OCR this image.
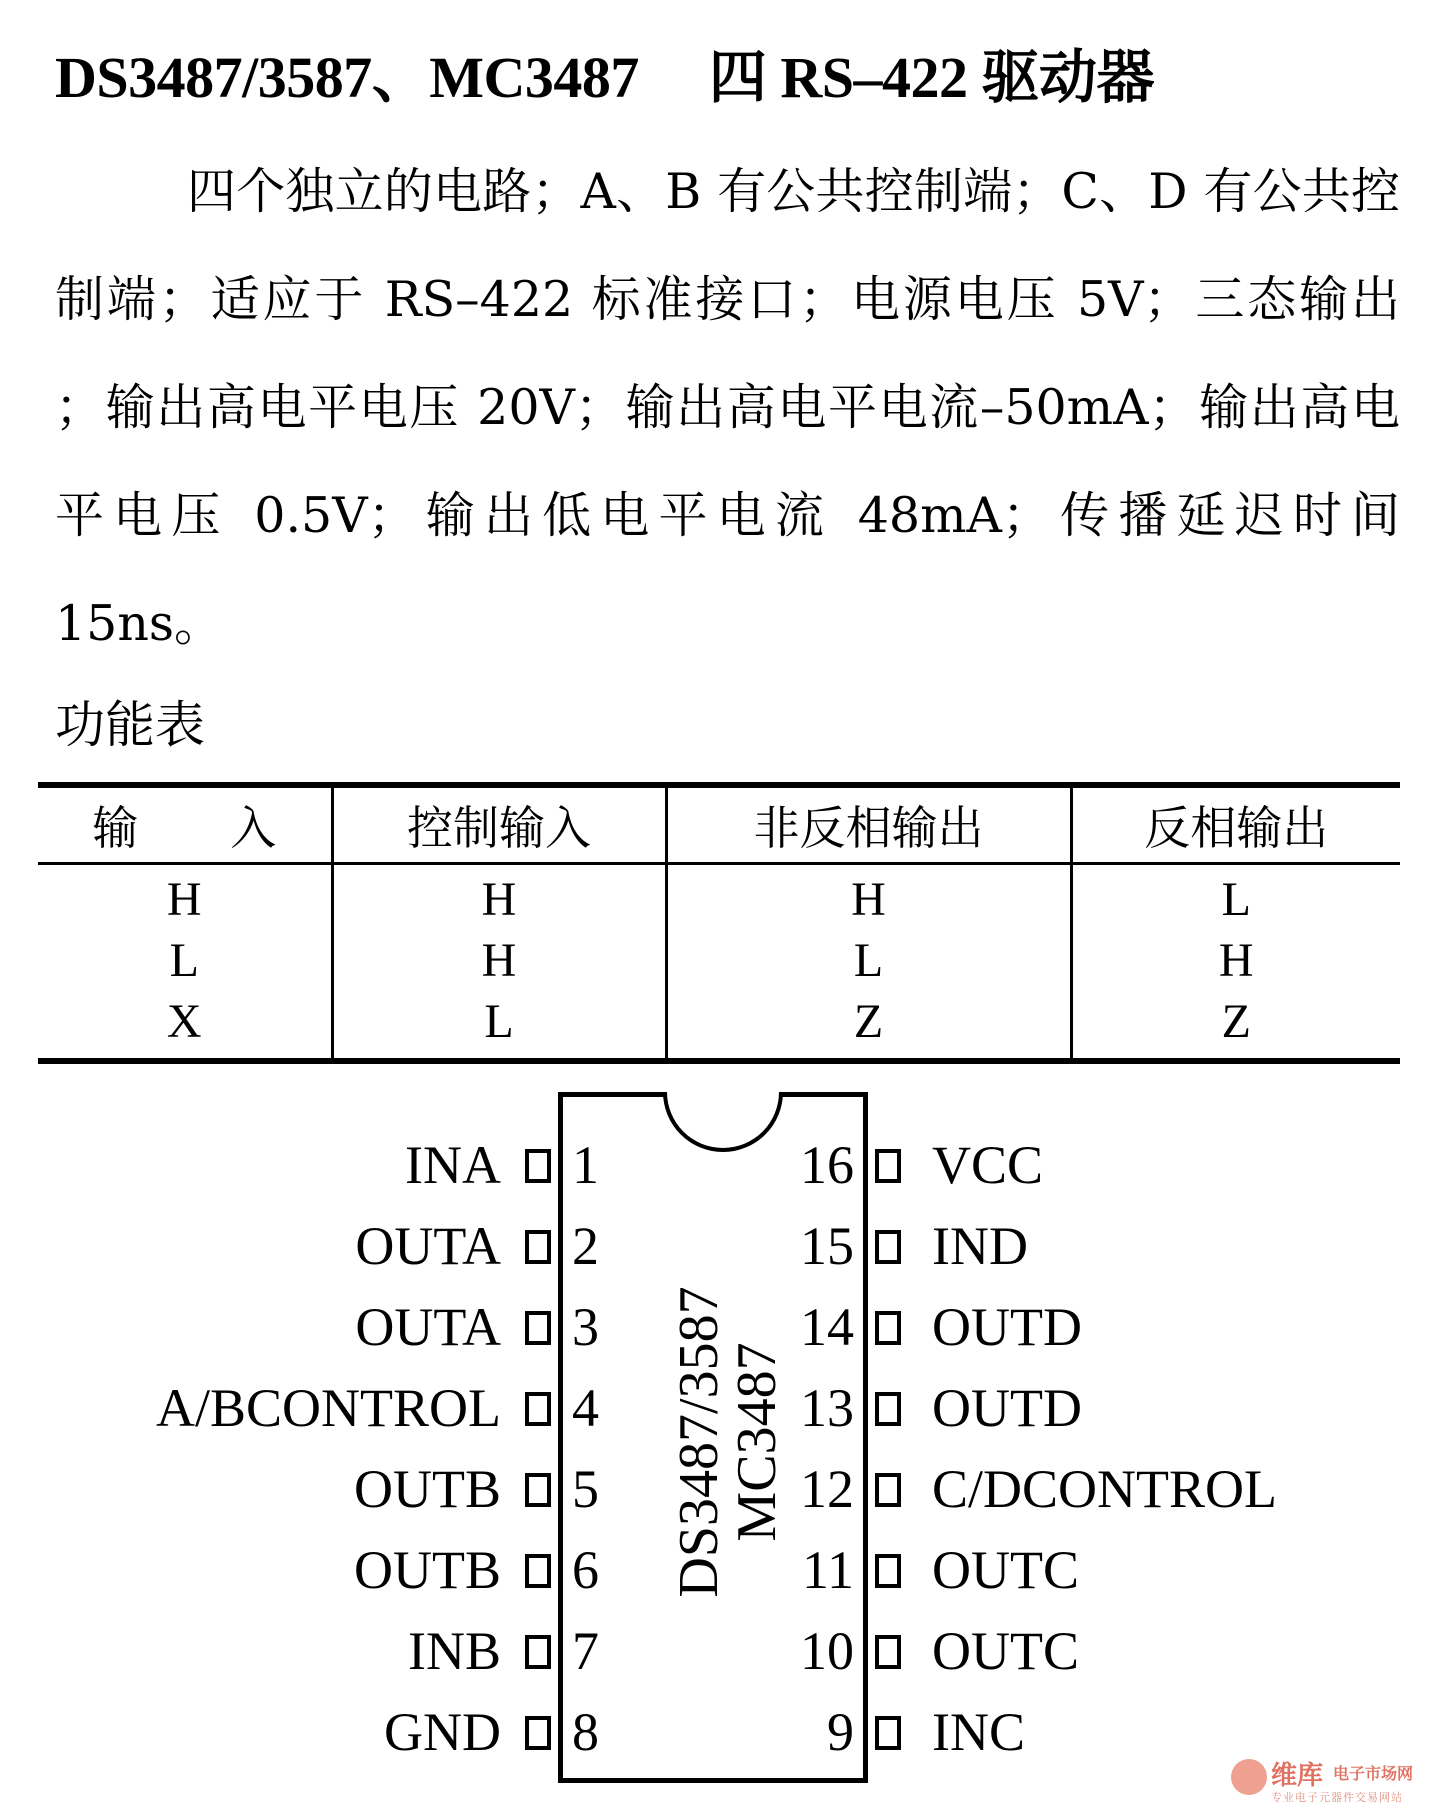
DS3487/3587、MC3487 四 RS–422 驱动器

四个独立的电路；A、B 有公共控制端；C、D 有公共控制端；适应于 RS–422 标准接口；电源电压 5V；三态输出 ；输出高电平电压 20V；输出高电平电流–50mA；输出高电平电压 0.5V；输出低电平电流 48mA；传播延迟时间 15ns。

功能表
输　　入	控制输入	非反相输出	反相输出
H	H	H	L
L	H	L	H
X	L	Z	Z
DS3487/3587
MC3487
INA 1	16 VCC
OUTA 2	15 IND
OUTA 3	14 OUTD
A/BCONTROL 4	13 OUTD
OUTB 5	12 C/DCONTROL
OUTB 6	11 OUTC
INB 7	10 OUTC
GND 8	9 INC
维库 电子市场网
专业电子元器件交易网站
